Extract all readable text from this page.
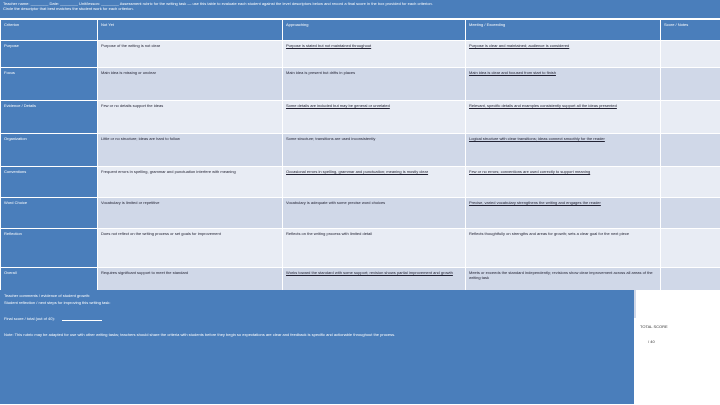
Teacher name: ________ Date: ________ Unit/lesson: ________ Assessment rubric for the writing task — use this table to evaluate each student against the level descriptors below and record a final score in the box provided for each criterion.
Circle the descriptor that best matches the student work for each criterion.
Criterion	Not Yet	Approaching	Meeting / Exceeding	Score / Notes
Purpose	Purpose of the writing is not clear	Purpose is stated but not maintained throughout	Purpose is clear and maintained; audience is considered	
Focus	Main idea is missing or unclear	Main idea is present but drifts in places	Main idea is clear and focused from start to finish	
Evidence / Details	Few or no details support the ideas	Some details are included but may be general or unrelated	Relevant, specific details and examples consistently support all the ideas presented	
Organization	Little or no structure; ideas are hard to follow	Some structure; transitions are used inconsistently	Logical structure with clear transitions; ideas connect smoothly for the reader	
Conventions	Frequent errors in spelling, grammar and punctuation interfere with meaning	Occasional errors in spelling, grammar and punctuation; meaning is mostly clear	Few or no errors; conventions are used correctly to support meaning	
Word Choice	Vocabulary is limited or repetitive	Vocabulary is adequate with some precise word choices	Precise, varied vocabulary strengthens the writing and engages the reader	
Reflection	Does not reflect on the writing process or set goals for improvement	Reflects on the writing process with limited detail	Reflects thoughtfully on strengths and areas for growth; sets a clear goal for the next piece	
Overall	Requires significant support to meet the standard	Works toward the standard with some support; revision shows partial improvement and growth	Meets or exceeds the standard independently; revisions show clear improvement across all areas of the writing task	
Teacher comments / evidence of student growth:
Student reflection / next steps for improving this writing task:
Final score / total (out of 40):
Note: This rubric may be adapted for use with other writing tasks; teachers should share the criteria with students before they begin so expectations are clear and feedback is specific and actionable throughout the process.
TOTAL SCORE
/ 40
